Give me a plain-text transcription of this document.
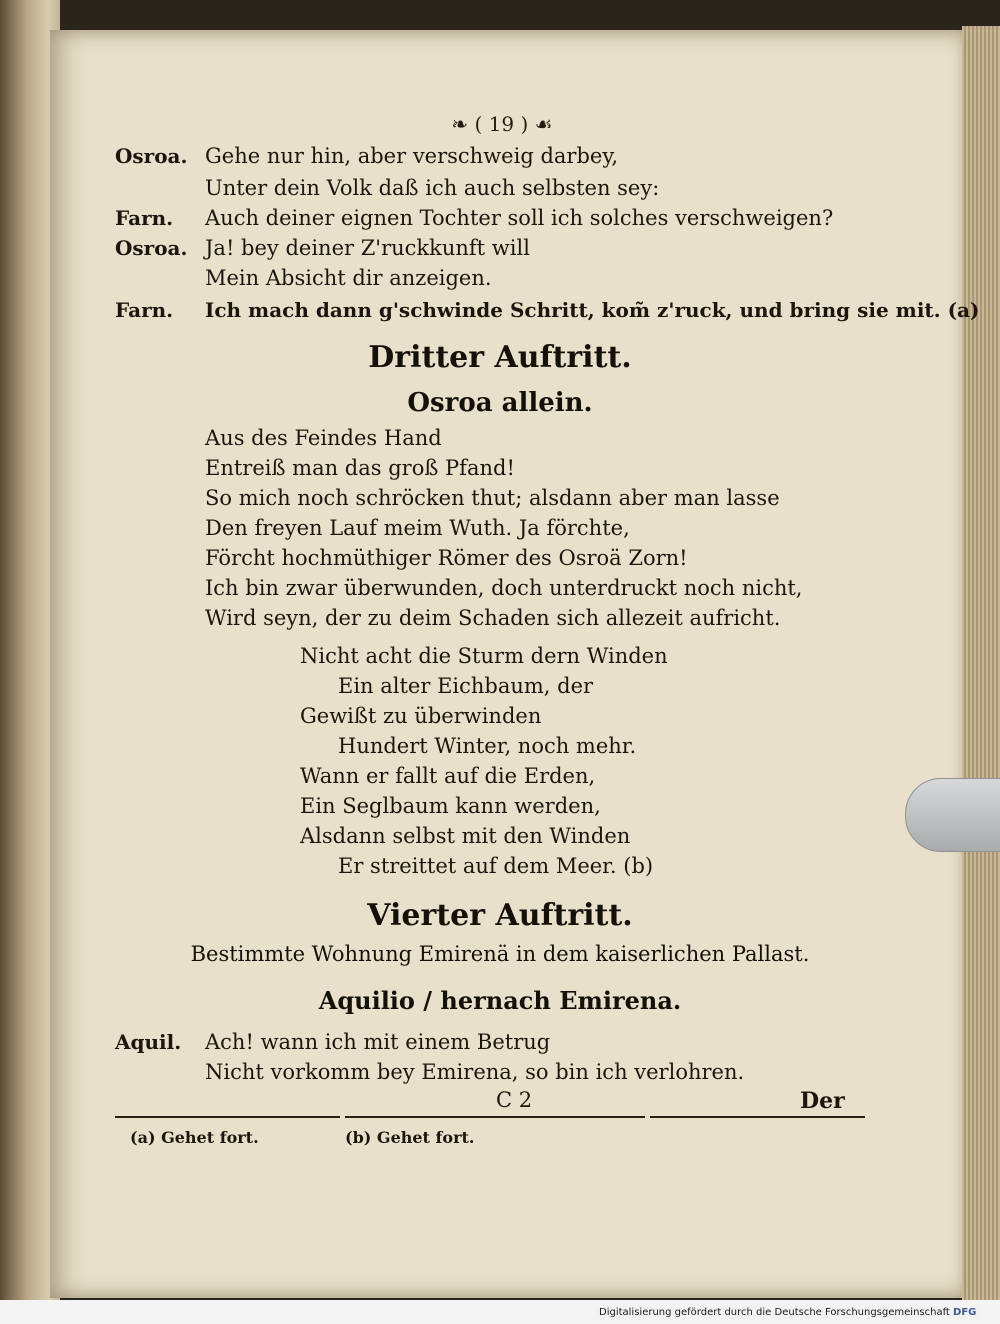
❧ ( 19 ) ☙
Osroa. Gehe nur hin, aber verschweig darbey,
Unter dein Volk daß ich auch selbsten sey:
Farn. Auch deiner eignen Tochter soll ich solches verschweigen?
Osroa. Ja! bey deiner Z'ruckkunft will
Mein Absicht dir anzeigen.
Farn. Ich mach dann g'schwinde Schritt, kom̃ z'ruck, und bring sie mit. (a)
Dritter Auftritt.
Osroa allein.
Aus des Feindes Hand
Entreiß man das groß Pfand!
So mich noch schröcken thut; alsdann aber man lasse
Den freyen Lauf meim Wuth. Ja förchte,
Förcht hochmüthiger Römer des Osroä Zorn!
Ich bin zwar überwunden, doch unterdruckt noch nicht,
Wird seyn, der zu deim Schaden sich allezeit aufricht.
Nicht acht die Sturm dern Winden
Ein alter Eichbaum, der
Gewißt zu überwinden
Hundert Winter, noch mehr.
Wann er fallt auf die Erden,
Ein Seglbaum kann werden,
Alsdann selbst mit den Winden
Er streittet auf dem Meer. (b)
Vierter Auftritt.
Bestimmte Wohnung Emirenä in dem kaiserlichen Pallast.
Aquilio / hernach Emirena.
Aquil. Ach! wann ich mit einem Betrug
Nicht vorkomm bey Emirena, so bin ich verlohren.
C 2	Der
(a) Gehet fort.	(b) Gehet fort.
Digitalisierung gefördert durch die Deutsche Forschungsgemeinschaft DFG
